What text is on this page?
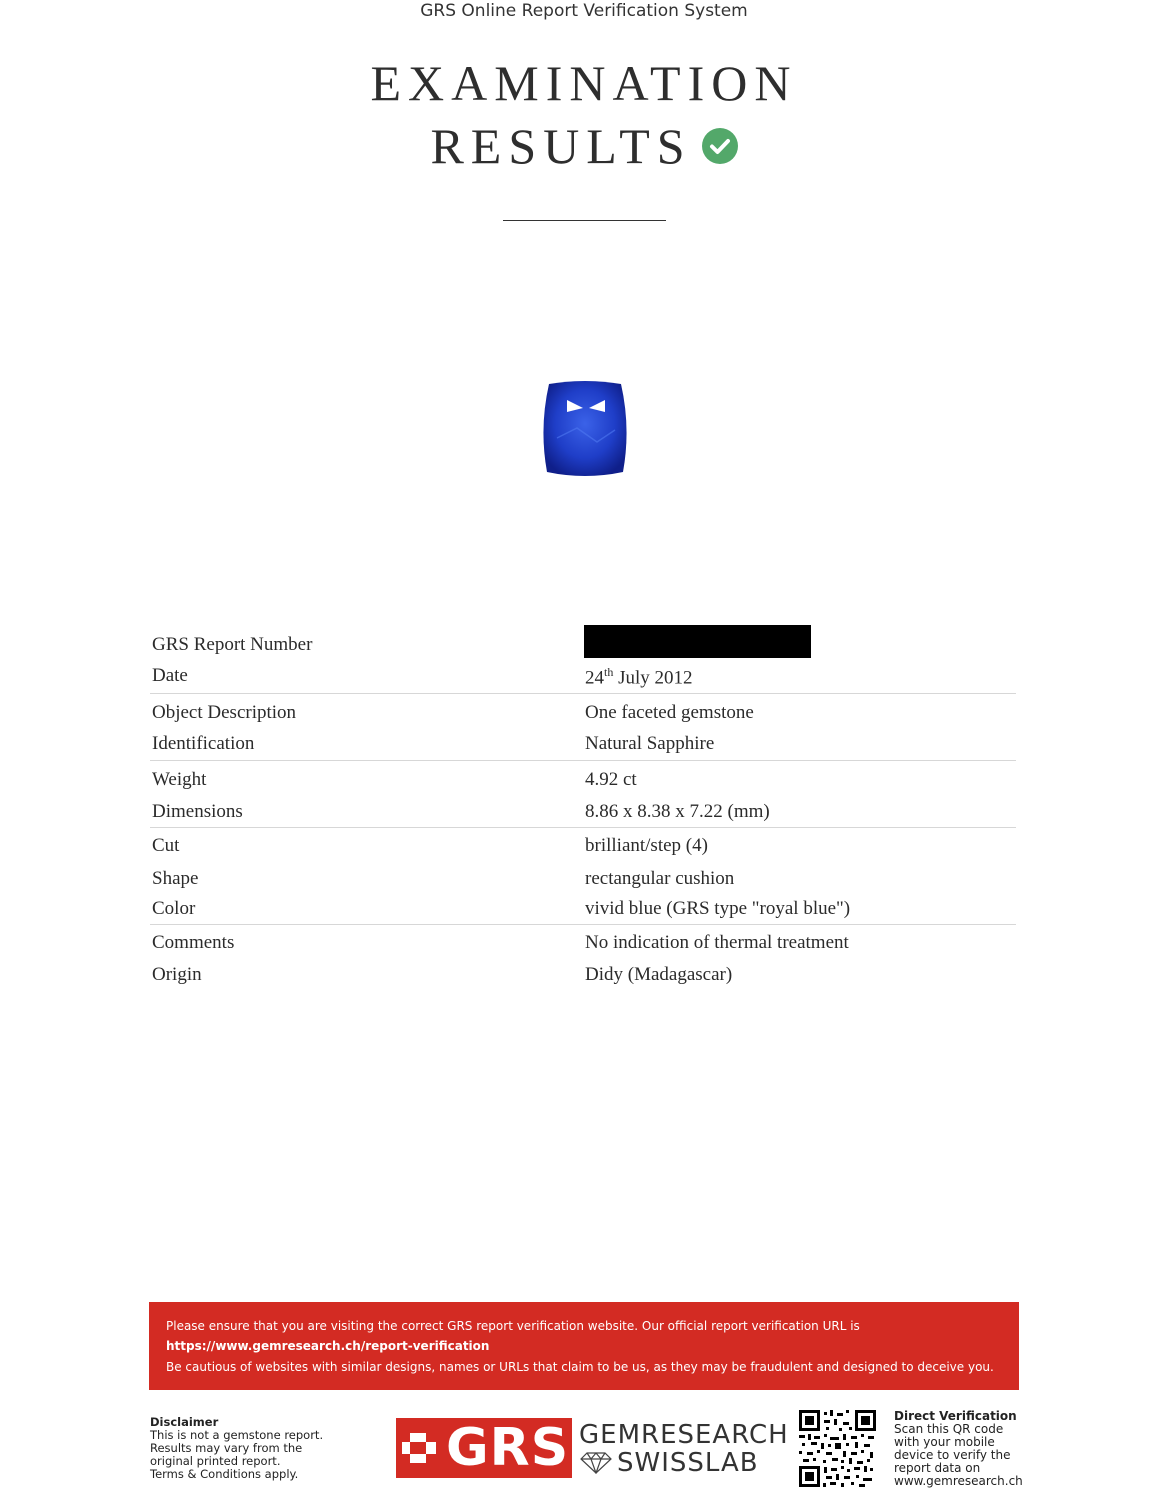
GRS Online Report Verification System
EXAMINATION
RESULTS
GRS Report Number
Date	24th July 2012
Object Description	One faceted gemstone
Identification	Natural Sapphire
Weight	4.92 ct
Dimensions	8.86 x 8.38 x 7.22 (mm)
Cut	brilliant/step (4)
Shape	rectangular cushion
Color	vivid blue (GRS type "royal blue")
Comments	No indication of thermal treatment
Origin	Didy (Madagascar)
Please ensure that you are visiting the correct GRS report verification website. Our official report verification URL is
https://www.gemresearch.ch/report-verification
Be cautious of websites with similar designs, names or URLs that claim to be us, as they may be fraudulent and designed to deceive you.
Disclaimer
This is not a gemstone report.
Results may vary from the
original printed report.
Terms & Conditions apply.	GRS GEMRESEARCH
SWISSLAB
Direct Verification
Scan this QR code
with your mobile
device to verify the
report data on
www.gemresearch.ch
